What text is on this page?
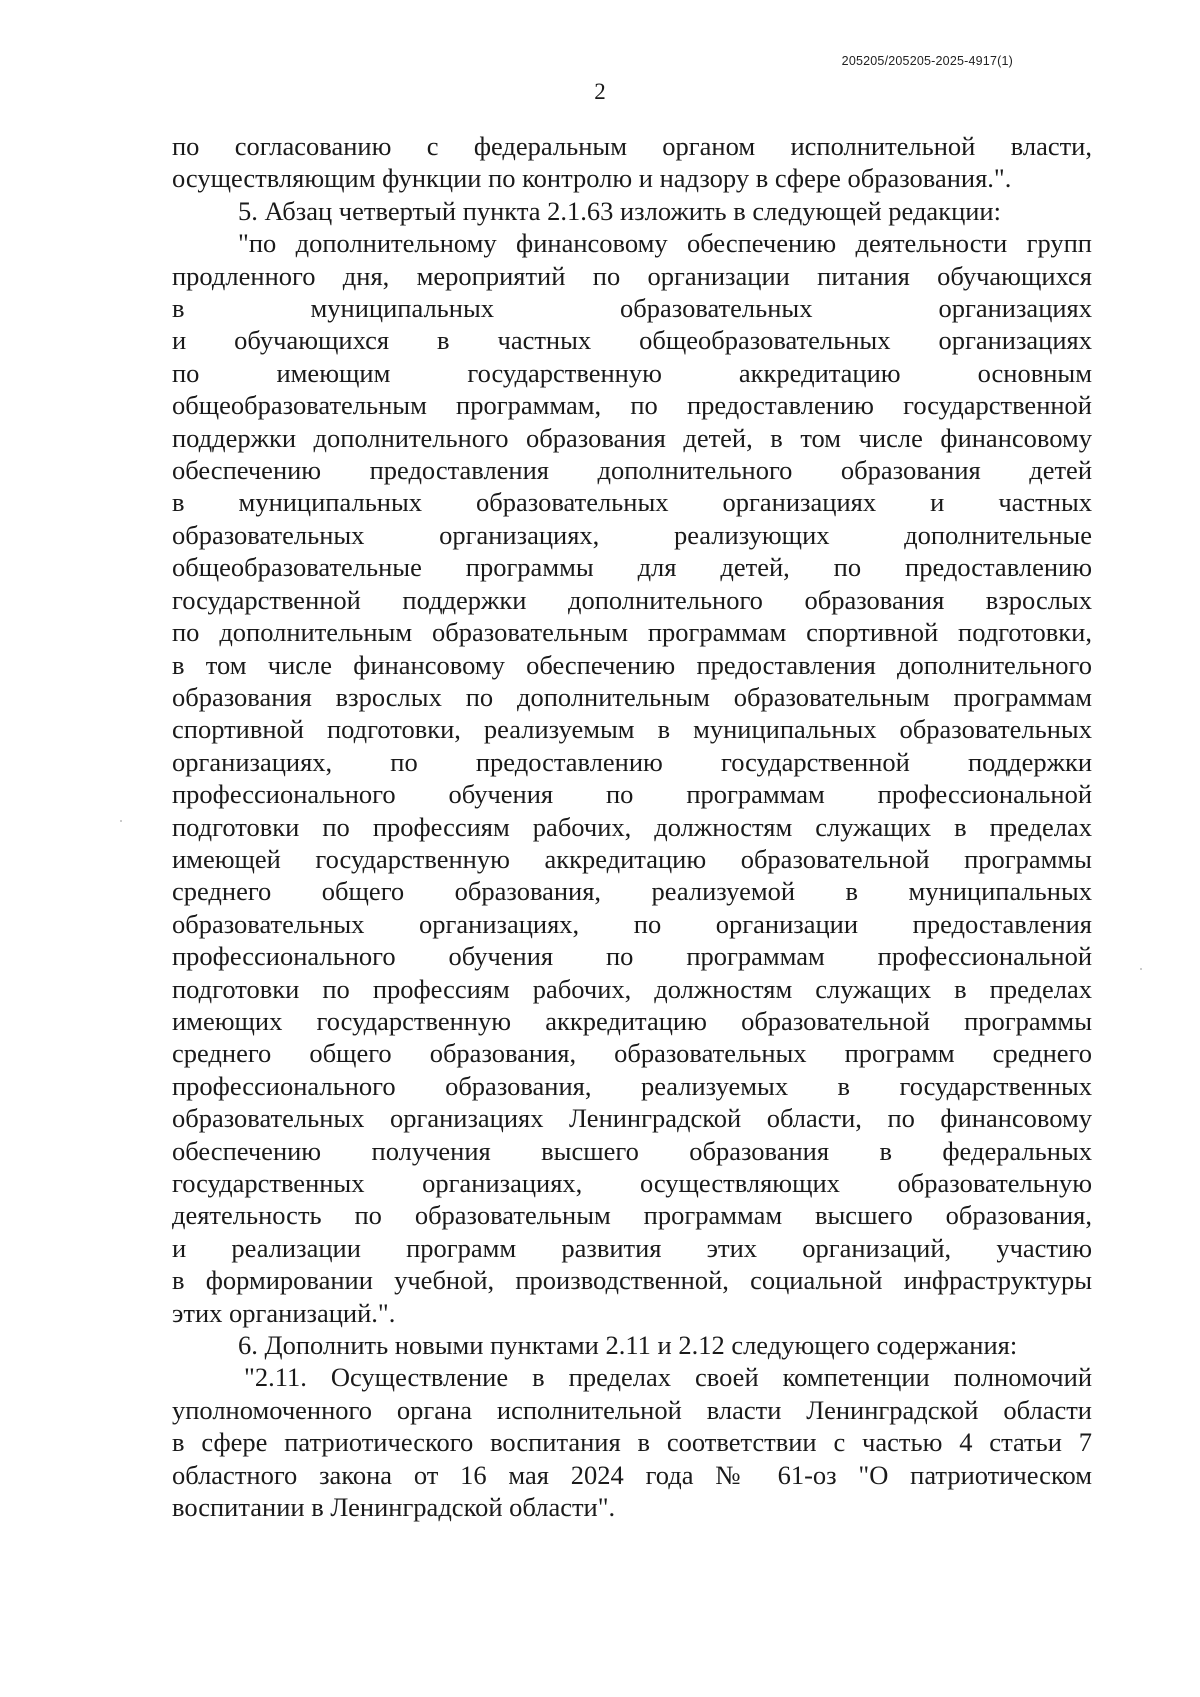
205205/205205-2025-4917(1)
2

по согласованию с федеральным органом исполнительной власти,
осуществляющим функции по контролю и надзору в сфере образования.".

5. Абзац четвертый пункта 2.1.63 изложить в следующей редакции:

"по дополнительному финансовому обеспечению деятельности групп
продленного дня, мероприятий по организации питания обучающихся
в муниципальных образовательных организациях
и обучающихся в частных общеобразовательных организациях
по имеющим государственную аккредитацию основным
общеобразовательным программам, по предоставлению государственной
поддержки дополнительного образования детей, в том числе финансовому
обеспечению предоставления дополнительного образования детей
в муниципальных образовательных организациях и частных
образовательных организациях, реализующих дополнительные
общеобразовательные программы для детей, по предоставлению
государственной поддержки дополнительного образования взрослых
по дополнительным образовательным программам спортивной подготовки,
в том числе финансовому обеспечению предоставления дополнительного
образования взрослых по дополнительным образовательным программам
спортивной подготовки, реализуемым в муниципальных образовательных
организациях, по предоставлению государственной поддержки
профессионального обучения по программам профессиональной
подготовки по профессиям рабочих, должностям служащих в пределах
имеющей государственную аккредитацию образовательной программы
среднего общего образования, реализуемой в муниципальных
образовательных организациях, по организации предоставления
профессионального обучения по программам профессиональной
подготовки по профессиям рабочих, должностям служащих в пределах
имеющих государственную аккредитацию образовательной программы
среднего общего образования, образовательных программ среднего
профессионального образования, реализуемых в государственных
образовательных организациях Ленинградской области, по финансовому
обеспечению получения высшего образования в федеральных
государственных организациях, осуществляющих образовательную
деятельность по образовательным программам высшего образования,
и реализации программ развития этих организаций, участию
в формировании учебной, производственной, социальной инфраструктуры
этих организаций.".

6. Дополнить новыми пунктами 2.11 и 2.12 следующего содержания:

"2.11. Осуществление в пределах своей компетенции полномочий
уполномоченного органа исполнительной власти Ленинградской области
в сфере патриотического воспитания в соответствии с частью 4 статьи 7
областного закона от 16 мая 2024 года № 61-оз "О патриотическом
воспитании в Ленинградской области".
